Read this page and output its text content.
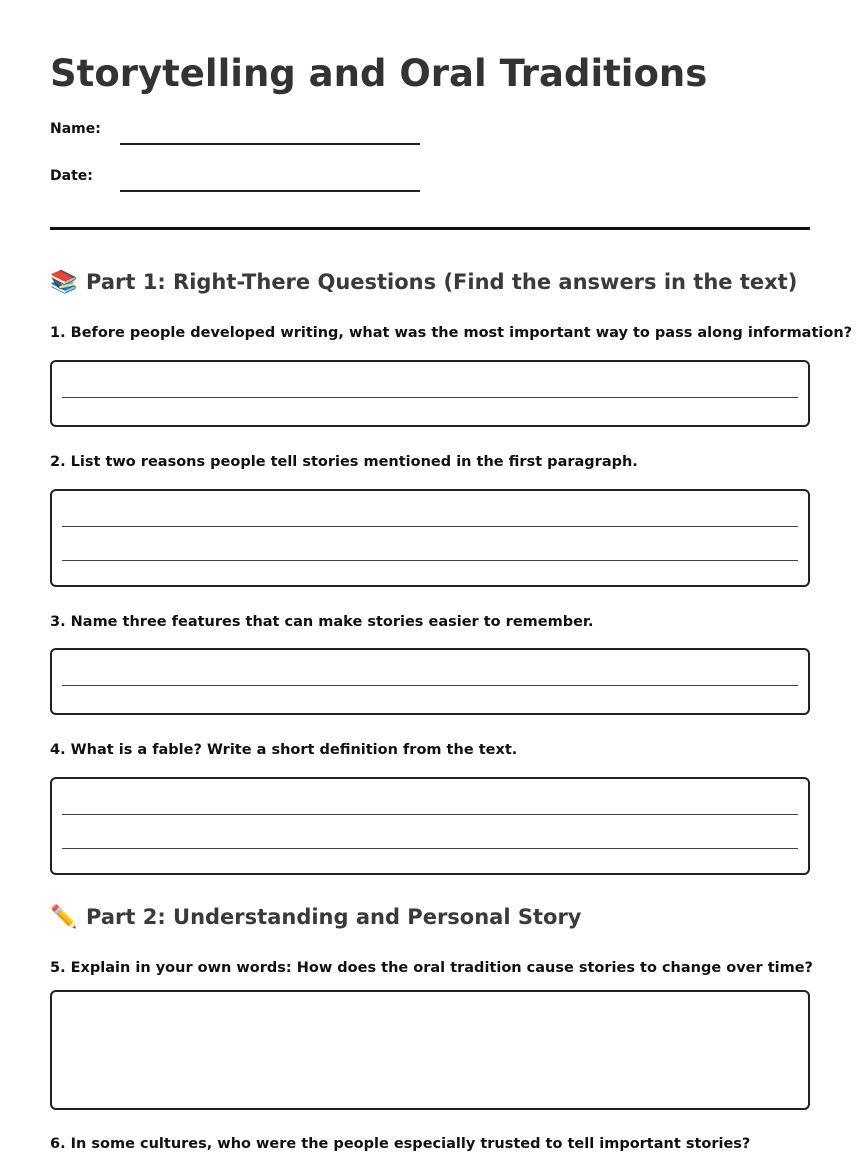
Storytelling and Oral Traditions
Name:
Date:
📚 Part 1: Right-There Questions (Find the answers in the text)

1. Before people developed writing, what was the most important way to pass along information?

2. List two reasons people tell stories mentioned in the first paragraph.

3. Name three features that can make stories easier to remember.

4. What is a fable? Write a short definition from the text.

✏️ Part 2: Understanding and Personal Story

5. Explain in your own words: How does the oral tradition cause stories to change over time?

6. In some cultures, who were the people especially trusted to tell important stories?
